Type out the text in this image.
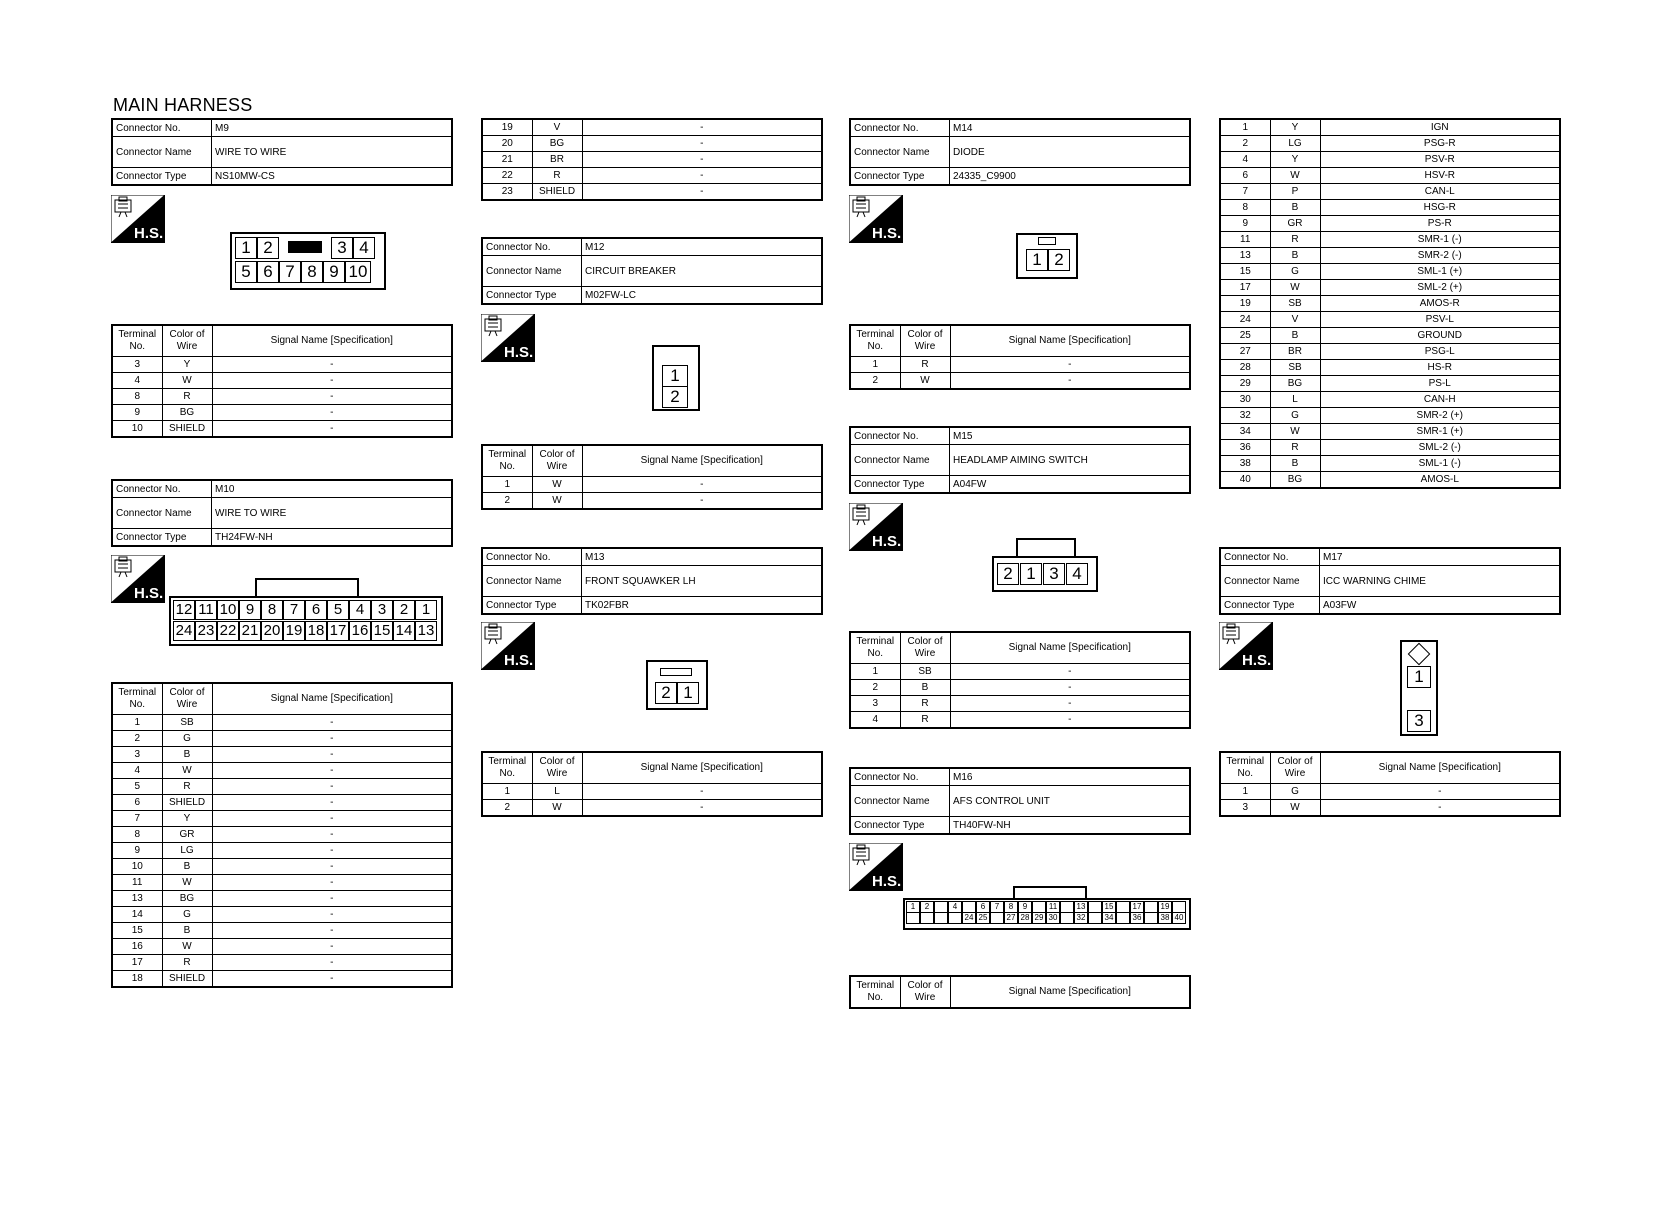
MAIN HARNESS
Connector No.	M9
Connector Name	WIRE TO WIRE
Connector Type	NS10MW-CS
H.S.
1 2	3 4
5 6 7 8 9 10
Terminal No.	Color of Wire	Signal Name [Specification]
3	Y	-
4	W	-
8	R	-
9	BG	-
10	SHIELD	-
Connector No.	M10
Connector Name	WIRE TO WIRE
Connector Type	TH24FW-NH
H.S.
12 11 10 9 8 7 6 5 4 3 2 1
24 23 22 21 20 19 18 17 16 15 14 13
Terminal No.	Color of Wire	Signal Name [Specification]
1	SB	-
2	G	-
3	B	-
4	W	-
5	R	-
6	SHIELD	-
7	Y	-
8	GR	-
9	LG	-
10	B	-
11	W	-
13	BG	-
14	G	-
15	B	-
16	W	-
17	R	-
18	SHIELD	-
19	V	-
20	BG	-
21	BR	-
22	R	-
23	SHIELD	-
Connector No.	M12
Connector Name	CIRCUIT BREAKER
Connector Type	M02FW-LC
H.S.
1
2
Terminal No.	Color of Wire	Signal Name [Specification]
1	W	-
2	W	-
Connector No.	M13
Connector Name	FRONT SQUAWKER LH
Connector Type	TK02FBR
H.S.
2 1
Terminal No.	Color of Wire	Signal Name [Specification]
1	L	-
2	W	-
Connector No.	M14
Connector Name	DIODE
Connector Type	24335_C9900
H.S.
1 2
Terminal No.	Color of Wire	Signal Name [Specification]
1	R	-
2	W	-
Connector No.	M15
Connector Name	HEADLAMP AIMING SWITCH
Connector Type	A04FW
H.S.
2 1 3 4
Terminal No.	Color of Wire	Signal Name [Specification]
1	SB	-
2	B	-
3	R	-
4	R	-
Connector No.	M16
Connector Name	AFS CONTROL UNIT
Connector Type	TH40FW-NH
H.S.
1	2	4	6	7	8	9	11	13	15	17	19
24 25	27 28 29 30	32	34	36	38 40
Terminal No.	Color of Wire	Signal Name [Specification]
1	Y	IGN
2	LG	PSG-R
4	Y	PSV-R
6	W	HSV-R
7	P	CAN-L
8	B	HSG-R
9	GR	PS-R
11	R	SMR-1 (-)
13	B	SMR-2 (-)
15	G	SML-1 (+)
17	W	SML-2 (+)
19	SB	AMOS-R
24	V	PSV-L
25	B	GROUND
27	BR	PSG-L
28	SB	HS-R
29	BG	PS-L
30	L	CAN-H
32	G	SMR-2 (+)
34	W	SMR-1 (+)
36	R	SML-2 (-)
38	B	SML-1 (-)
40	BG	AMOS-L
Connector No.	M17
Connector Name	ICC WARNING CHIME
Connector Type	A03FW
H.S.
1
3
Terminal No.	Color of Wire	Signal Name [Specification]
1	G	-
3	W	-
